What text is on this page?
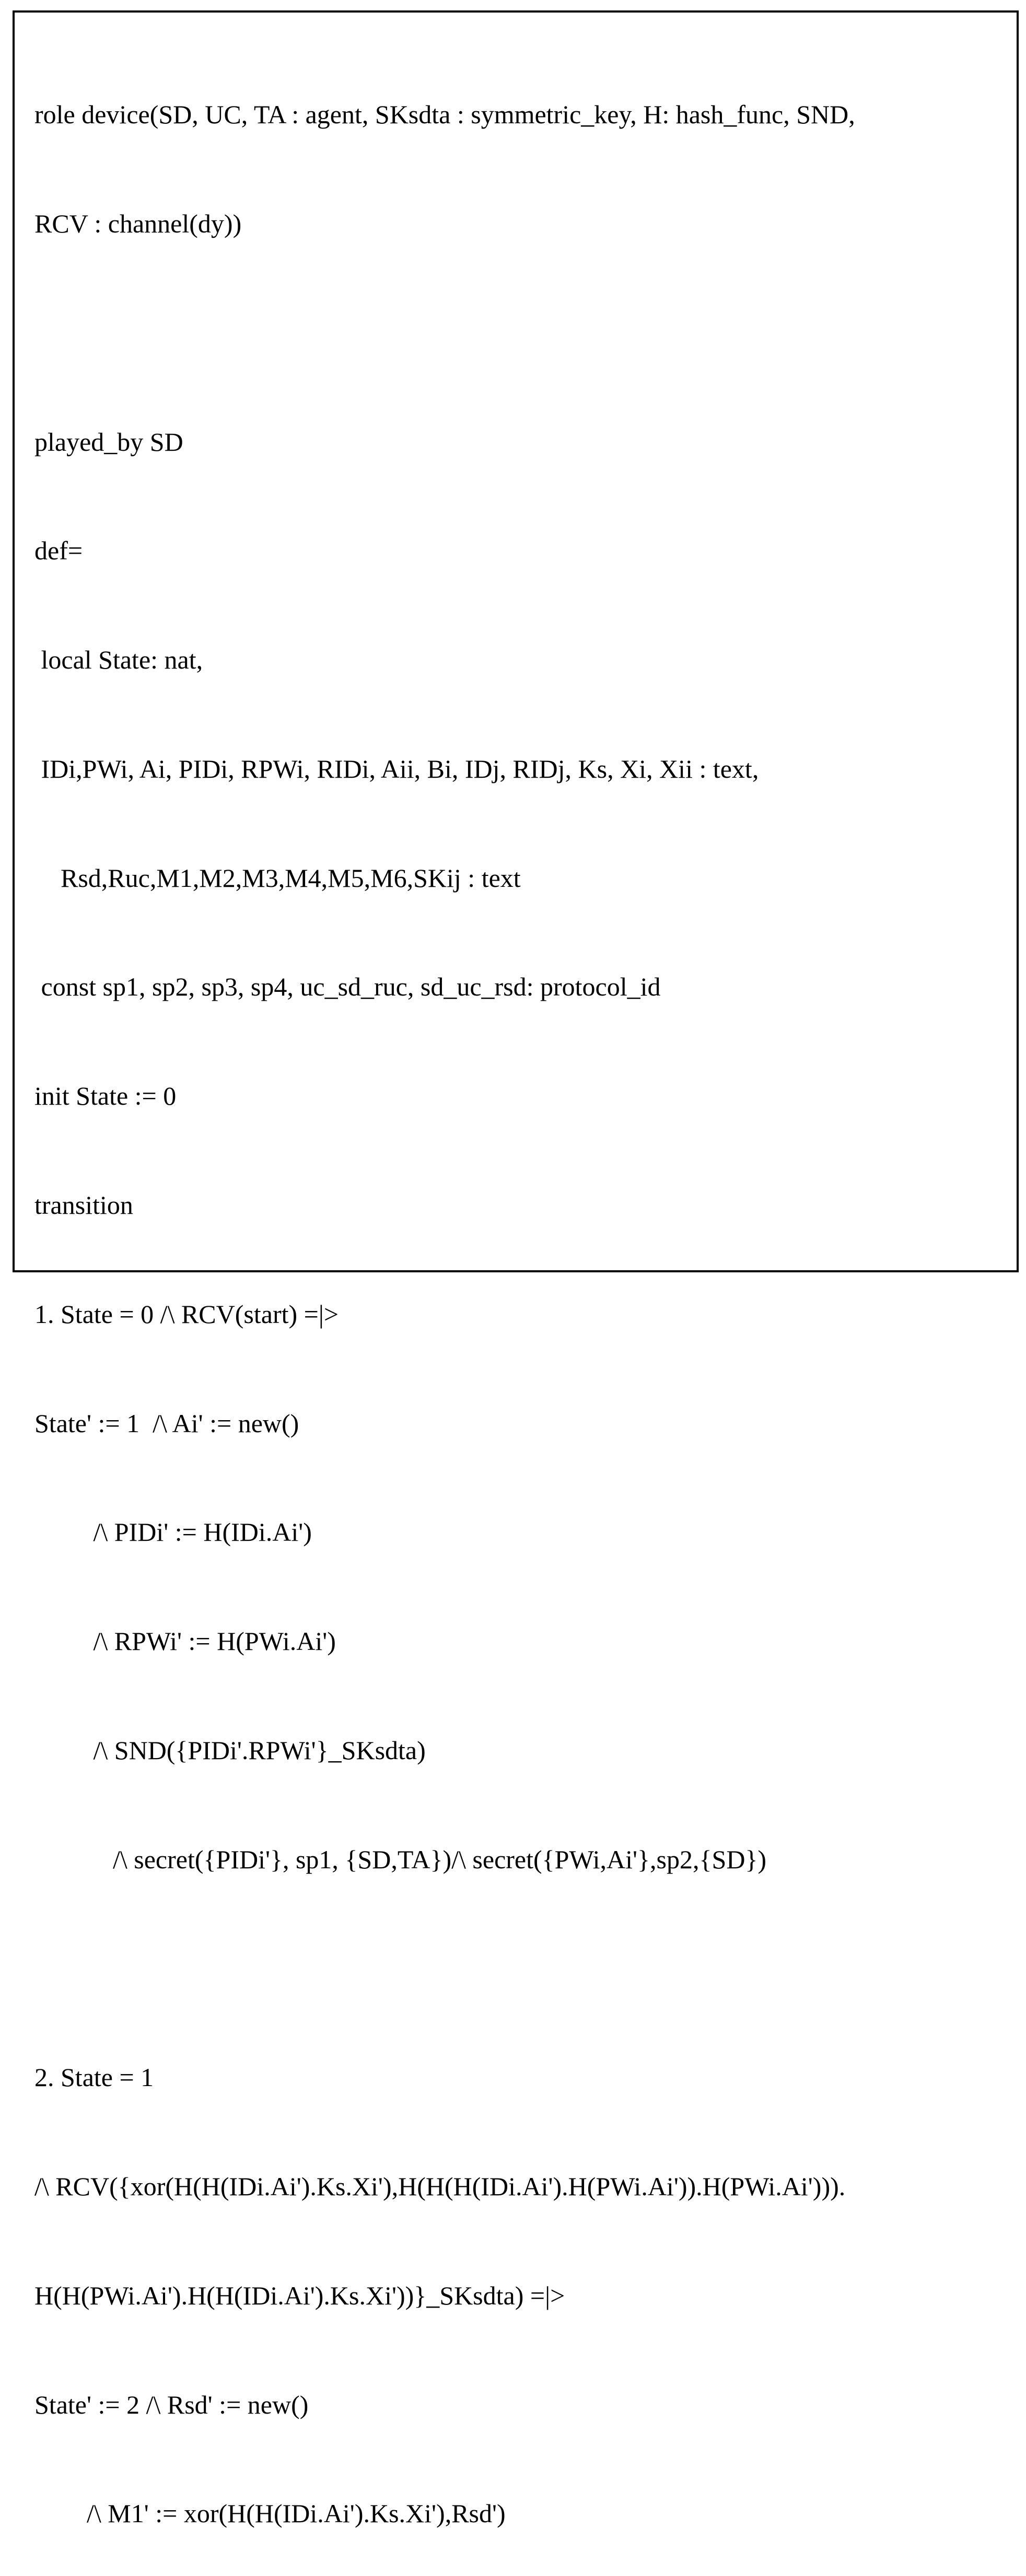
role device(SD, UC, TA : agent, SKsdta : symmetric_key, H: hash_func, SND,

RCV : channel(dy))

played_by SD

def=

local State: nat,

IDi,PWi, Ai, PIDi, RPWi, RIDi, Aii, Bi, IDj, RIDj, Ks, Xi, Xii : text,

Rsd,Ruc,M1,M2,M3,M4,M5,M6,SKij : text

const sp1, sp2, sp3, sp4, uc_sd_ruc, sd_uc_rsd: protocol_id

init State := 0

transition

1. State = 0 /\ RCV(start) =|>

State' := 1  /\ Ai' := new()

/\ PIDi' := H(IDi.Ai')

/\ RPWi' := H(PWi.Ai')

/\ SND({PIDi'.RPWi'}_SKsdta)

/\ secret({PIDi'}, sp1, {SD,TA})/\ secret({PWi,Ai'},sp2,{SD})

2. State = 1

/\ RCV({xor(H(H(IDi.Ai').Ks.Xi'),H(H(H(IDi.Ai').H(PWi.Ai')).H(PWi.Ai'))).

H(H(PWi.Ai').H(H(IDi.Ai').Ks.Xi'))}_SKsdta) =|>

State' := 2 /\ Rsd' := new()

/\ M1' := xor(H(H(IDi.Ai').Ks.Xi'),Rsd')
